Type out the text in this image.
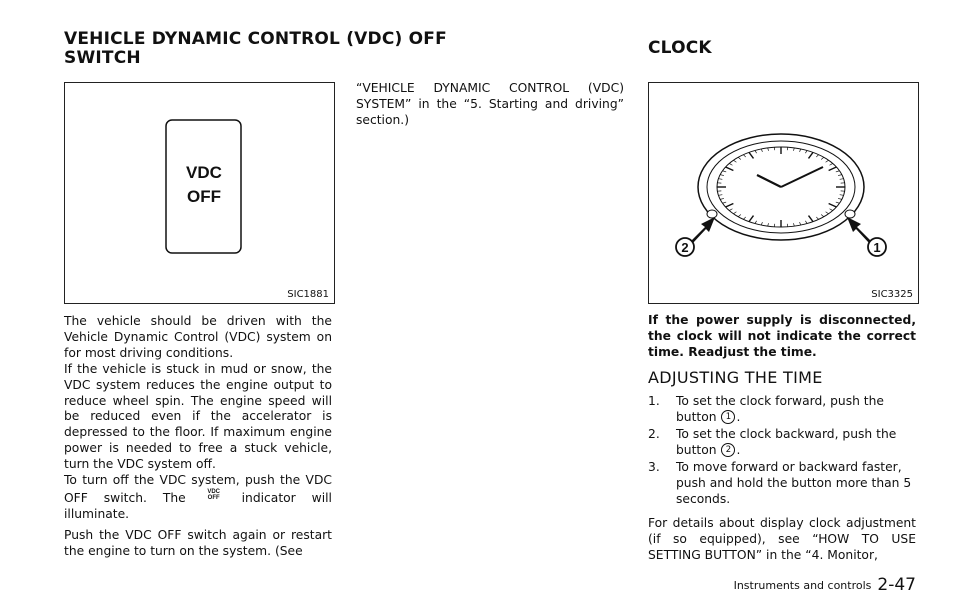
VEHICLE DYNAMIC CONTROL (VDC) OFF
SWITCH	CLOCK
VDC
OFF
SIC1881

The vehicle should be driven with the Vehicle Dynamic Control (VDC) system on for most driving conditions.

If the vehicle is stuck in mud or snow, the VDC system reduces the engine output to reduce wheel spin. The engine speed will be reduced even if the accelerator is depressed to the floor. If maximum engine power is needed to free a stuck vehicle, turn the VDC system off.

To turn off the VDC system, push the VDC OFF switch. The	VDC
OFF	indicator will illuminate.

Push the VDC OFF switch again or restart the engine to turn on the system. (See

“VEHICLE DYNAMIC CONTROL (VDC) SYSTEM” in the “5. Starting and driving” section.)

2	1
SIC3325

If the power supply is disconnected, the clock will not indicate the correct time. Readjust the time.

ADJUSTING THE TIME
1.	To set the clock forward, push the button 1 .
2.	To set the clock backward, push the button 2 .
3.	To move forward or backward faster, push and hold the button more than 5 seconds.

For details about display clock adjustment (if so equipped), see “HOW TO USE SETTING BUTTON” in the “4. Monitor,

Instruments and controls 2-47
